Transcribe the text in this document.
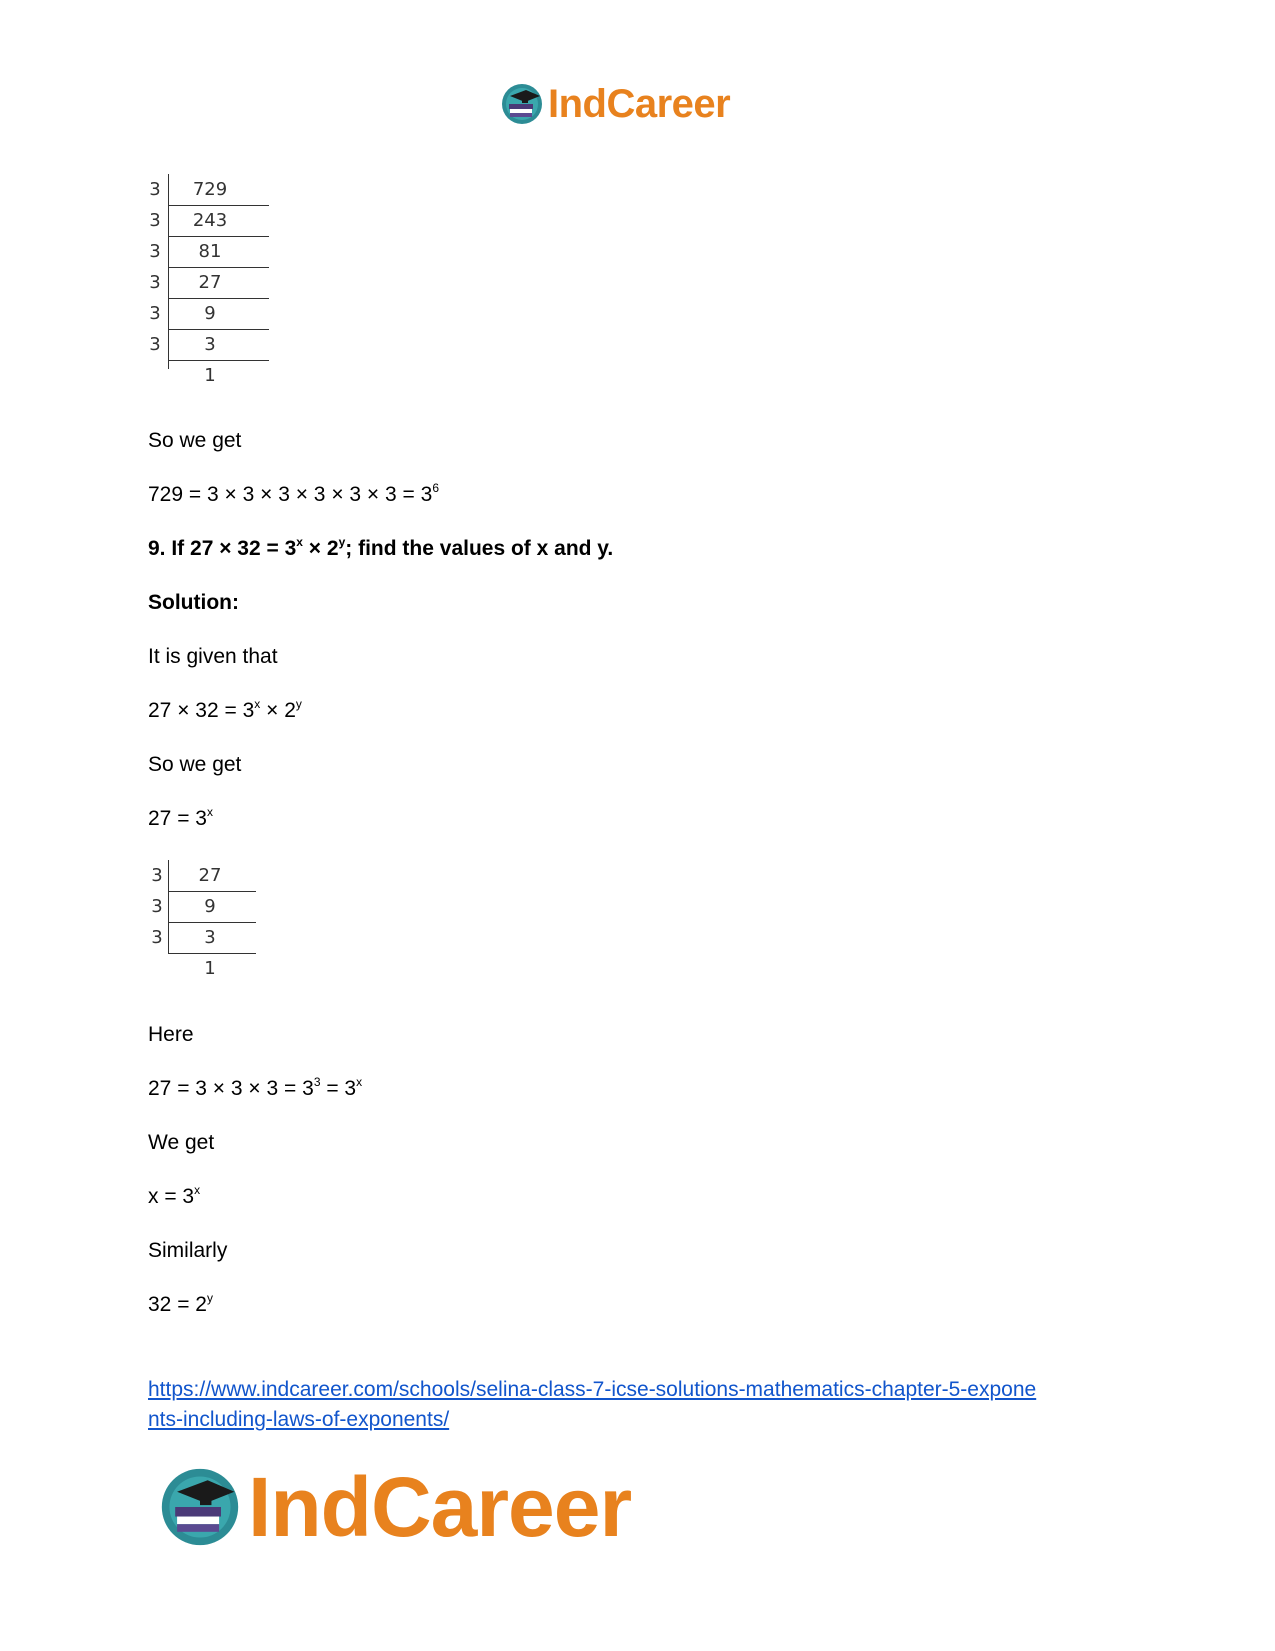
IndCareer
3	729
3	243
3	81
3	27
3	9
3	3
1
So we get
$729 = 3 \times 3 \times 3 \times 3 \times 3 \times 3 = 3^6$
9. If $27 \times 32 = 3^x \times 2^y$; find the values of x and y.
Solution:
It is given that
$27 \times 32 = 3^x \times 2^y$
So we get
$27 = 3^x$
3	27
3	9
3	3
1
Here
$27 = 3 \times 3 \times 3 = 3^3 = 3^x$
We get
$x = 3^x$
Similarly
$32 = 2^y$
https://www.indcareer.com/schools/selina-class-7-icse-solutions-mathematics-chapter-5-expone
nts-including-laws-of-exponents/
IndCareer
